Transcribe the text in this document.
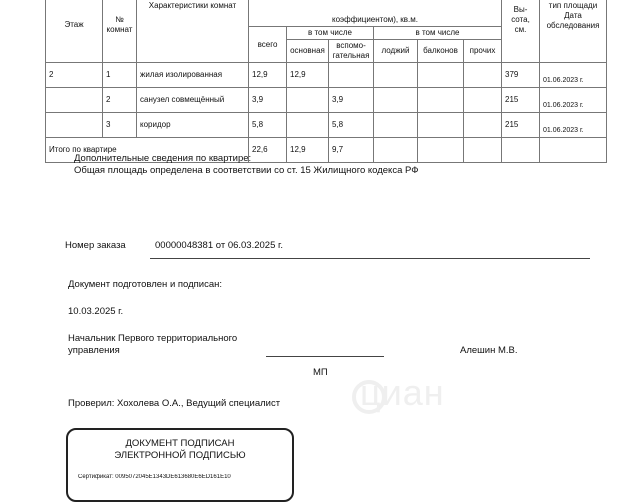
Этаж	№ комнат	Характеристики комнат	коэффициентом), кв.м.						Вы-сота, см.	тип площади Дата обследования
			всего	в том числе		в том числе				
				основная	вспомо-гательная	лоджий	балконов	прочих		
2	1	жилая изолированная	12,9	12,9					379	01.06.2023 г.
	2	санузел совмещённый	3,9		3,9				215	01.06.2023 г.
	3	коридор	5,8		5,8				215	01.06.2023 г.
Итого по квартире			22,6	12,9	9,7					
Дополнительные сведения по квартире:
Общая площадь определена в соответствии со ст. 15 Жилищного кодекса РФ
циан
Номер заказа	00000048381 от 06.03.2025 г.
Документ подготовлен и подписан:
10.03.2025 г.
Начальник Первого территориального
управления	Алешин М.В.
МП
Проверил: Хохолева О.А., Ведущий специалист
ДОКУМЕНТ ПОДПИСАН
ЭЛЕКТРОННОЙ ПОДПИСЬЮ
Сертификат: 0095072045E1343DE613680E6ED161E10
